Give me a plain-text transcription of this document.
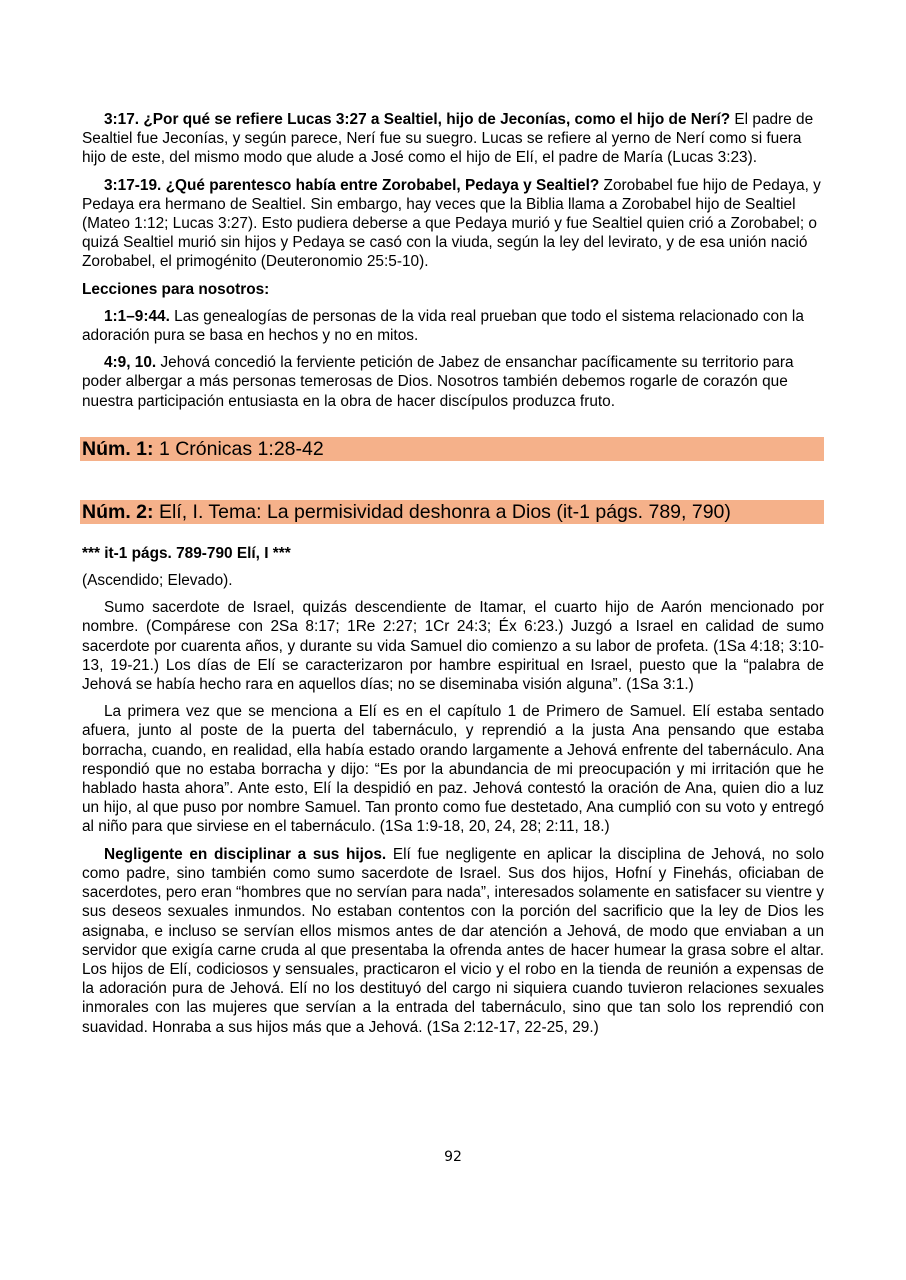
3:17. ¿Por qué se refiere Lucas 3:27 a Sealtiel, hijo de Jeconías, como el hijo de Nerí? El padre de Sealtiel fue Jeconías, y según parece, Nerí fue su suegro. Lucas se refiere al yerno de Nerí como si fuera hijo de este, del mismo modo que alude a José como el hijo de Elí, el padre de María (Lucas 3:23).

3:17-19. ¿Qué parentesco había entre Zorobabel, Pedaya y Sealtiel? Zorobabel fue hijo de Pedaya, y Pedaya era hermano de Sealtiel. Sin embargo, hay veces que la Biblia llama a Zorobabel hijo de Sealtiel (Mateo 1:12; Lucas 3:27). Esto pudiera deberse a que Pedaya murió y fue Sealtiel quien crió a Zorobabel; o quizá Sealtiel murió sin hijos y Pedaya se casó con la viuda, según la ley del levirato, y de esa unión nació Zorobabel, el primogénito (Deuteronomio 25:5-10).

Lecciones para nosotros:

1:1–9:44. Las genealogías de personas de la vida real prueban que todo el sistema relacionado con la adoración pura se basa en hechos y no en mitos.

4:9, 10. Jehová concedió la ferviente petición de Jabez de ensanchar pacíficamente su territorio para poder albergar a más personas temerosas de Dios. Nosotros también debemos rogarle de corazón que nuestra participación entusiasta en la obra de hacer discípulos produzca fruto.

Núm. 1: 1 Crónicas 1:28-42
Núm. 2: Elí, I. Tema: La permisividad deshonra a Dios (it-1 págs. 789, 790)

*** it-1 págs. 789-790 Elí, I ***

(Ascendido; Elevado).

Sumo sacerdote de Israel, quizás descendiente de Itamar, el cuarto hijo de Aarón mencionado por nombre. (Compárese con 2Sa 8:17; 1Re 2:27; 1Cr 24:3; Éx 6:23.) Juzgó a Israel en calidad de sumo sacerdote por cuarenta años, y durante su vida Samuel dio comienzo a su labor de profeta. (1Sa 4:18; 3:10-13, 19-21.) Los días de Elí se caracterizaron por hambre espiritual en Israel, puesto que la “palabra de Jehová se había hecho rara en aquellos días; no se diseminaba visión alguna”. (1Sa 3:1.)

La primera vez que se menciona a Elí es en el capítulo 1 de Primero de Samuel. Elí estaba sentado afuera, junto al poste de la puerta del tabernáculo, y reprendió a la justa Ana pensando que estaba borracha, cuando, en realidad, ella había estado orando largamente a Jehová enfrente del tabernáculo. Ana respondió que no estaba borracha y dijo: “Es por la abundancia de mi preocupación y mi irritación que he hablado hasta ahora”. Ante esto, Elí la despidió en paz. Jehová contestó la oración de Ana, quien dio a luz un hijo, al que puso por nombre Samuel. Tan pronto como fue destetado, Ana cumplió con su voto y entregó al niño para que sirviese en el tabernáculo. (1Sa 1:9-18, 20, 24, 28; 2:11, 18.)

Negligente en disciplinar a sus hijos. Elí fue negligente en aplicar la disciplina de Jehová, no solo como padre, sino también como sumo sacerdote de Israel. Sus dos hijos, Hofní y Finehás, oficiaban de sacerdotes, pero eran “hombres que no servían para nada”, interesados solamente en satisfacer su vientre y sus deseos sexuales inmundos. No estaban contentos con la porción del sacrificio que la ley de Dios les asignaba, e incluso se servían ellos mismos antes de dar atención a Jehová, de modo que enviaban a un servidor que exigía carne cruda al que presentaba la ofrenda antes de hacer humear la grasa sobre el altar. Los hijos de Elí, codiciosos y sensuales, practicaron el vicio y el robo en la tienda de reunión a expensas de la adoración pura de Jehová. Elí no los destituyó del cargo ni siquiera cuando tuvieron relaciones sexuales inmorales con las mujeres que servían a la entrada del tabernáculo, sino que tan solo los reprendió con suavidad. Honraba a sus hijos más que a Jehová. (1Sa 2:12-17, 22-25, 29.)

92
